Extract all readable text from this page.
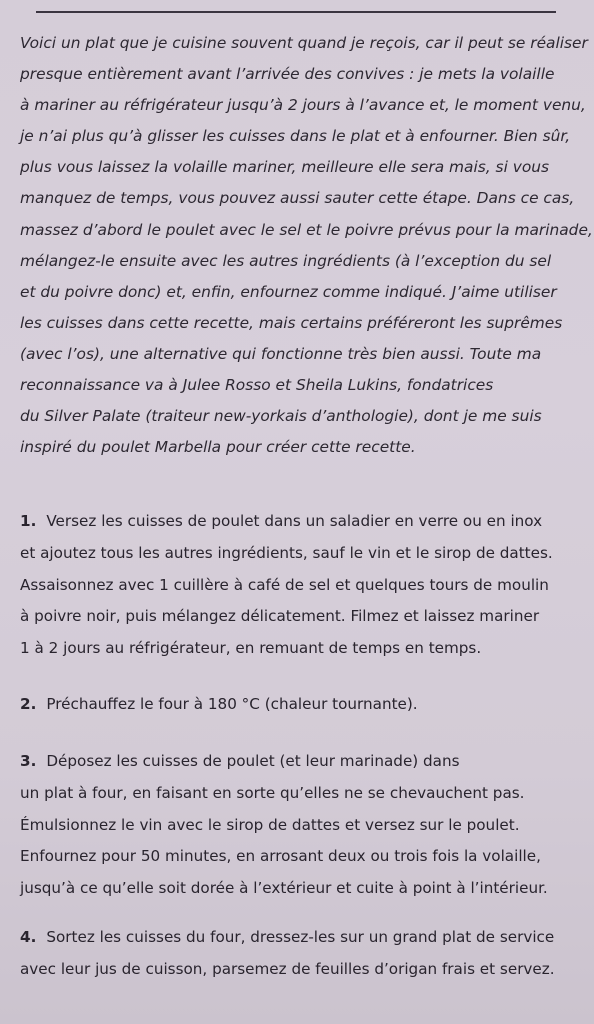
Voici un plat que je cuisine souvent quand je reçois, car il peut se réaliser
presque entièrement avant l’arrivée des convives : je mets la volaille
à mariner au réfrigérateur jusqu’à 2 jours à l’avance et, le moment venu,
je n’ai plus qu’à glisser les cuisses dans le plat et à enfourner. Bien sûr,
plus vous laissez la volaille mariner, meilleure elle sera mais, si vous
manquez de temps, vous pouvez aussi sauter cette étape. Dans ce cas,
massez d’abord le poulet avec le sel et le poivre prévus pour la marinade,
mélangez-le ensuite avec les autres ingrédients (à l’exception du sel
et du poivre donc) et, enfin, enfournez comme indiqué. J’aime utiliser
les cuisses dans cette recette, mais certains préféreront les suprêmes
(avec l’os), une alternative qui fonctionne très bien aussi. Toute ma
reconnaissance va à Julee Rosso et Sheila Lukins, fondatrices
du Silver Palate (traiteur new-yorkais d’anthologie), dont je me suis
inspiré du poulet Marbella pour créer cette recette.
1. Versez les cuisses de poulet dans un saladier en verre ou en inox
et ajoutez tous les autres ingrédients, sauf le vin et le sirop de dattes.
Assaisonnez avec 1 cuillère à café de sel et quelques tours de moulin
à poivre noir, puis mélangez délicatement. Filmez et laissez mariner
1 à 2 jours au réfrigérateur, en remuant de temps en temps.
2. Préchauffez le four à 180 °C (chaleur tournante).
3. Déposez les cuisses de poulet (et leur marinade) dans
un plat à four, en faisant en sorte qu’elles ne se chevauchent pas.
Émulsionnez le vin avec le sirop de dattes et versez sur le poulet.
Enfournez pour 50 minutes, en arrosant deux ou trois fois la volaille,
jusqu’à ce qu’elle soit dorée à l’extérieur et cuite à point à l’intérieur.
4. Sortez les cuisses du four, dressez-les sur un grand plat de service
avec leur jus de cuisson, parsemez de feuilles d’origan frais et servez.
